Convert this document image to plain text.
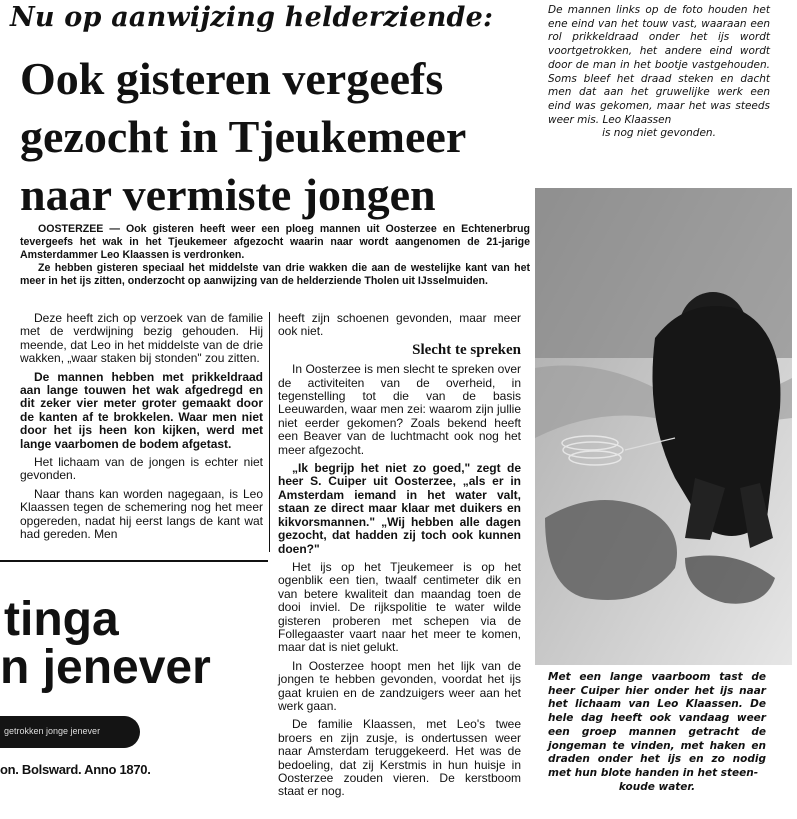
Nu op aanwijzing helderziende:
Ook gisteren vergeefs
gezocht in Tjeukemeer
naar vermiste jongen

OOSTERZEE — Ook gisteren heeft weer een ploeg mannen uit Oosterzee en Echtenerbrug tevergeefs het wak in het Tjeukemeer afgezocht waarin naar wordt aangenomen de 21-jarige Amsterdammer Leo Klaassen is verdronken.

Ze hebben gisteren speciaal het middelste van drie wakken die aan de westelijke kant van het meer in het ijs zitten, onderzocht op aanwijzing van de helderziende Tholen uit IJsselmuiden.

Deze heeft zich op verzoek van de familie met de verdwijning bezig gehouden. Hij meende, dat Leo in het middelste van de drie wakken, „waar staken bij stonden" zou zitten.

De mannen hebben met prikkeldraad aan lange touwen het wak afgedregd en dit zeker vier meter groter gemaakt door de kanten af te brokkelen. Waar men niet door het ijs heen kon kijken, werd met lange vaarbomen de bodem afgetast.

Het lichaam van de jongen is echter niet gevonden.

Naar thans kan worden nagegaan, is Leo Klaassen tegen de schemering nog het meer opgereden, nadat hij eerst langs de kant wat had gereden. Men

heeft zijn schoenen gevonden, maar meer ook niet.

Slecht te spreken

In Oosterzee is men slecht te spreken over de activiteiten van de overheid, in tegenstelling tot die van de basis Leeuwarden, waar men zei: waarom zijn jullie niet eerder gekomen? Zoals bekend heeft een Beaver van de luchtmacht ook nog het meer afgezocht.

„Ik begrijp het niet zo goed," zegt de heer S. Cuiper uit Oosterzee, „als er in Amsterdam iemand in het water valt, staan ze direct maar klaar met duikers en kikvorsmannen." „Wij hebben alle dagen gezocht, dat hadden zij toch ook kunnen doen?"

Het ijs op het Tjeukemeer is op het ogenblik een tien, twaalf centimeter dik en van betere kwaliteit dan maandag toen de dooi inviel. De rijkspolitie te water wilde gisteren proberen met schepen via de Follegaaster vaart naar het meer te komen, maar dat is niet gelukt.

In Oosterzee hoopt men het lijk van de jongen te hebben gevonden, voordat het ijs gaat kruien en de zandzuigers weer aan het werk gaan.

De familie Klaassen, met Leo's twee broers en zijn zusje, is ondertussen weer naar Amsterdam teruggekeerd. Het was de bedoeling, dat zij Kerstmis in hun huisje in Oosterzee zouden vieren. De kerstboom staat er nog.

De mannen links op de foto houden het ene eind van het touw vast, waaraan een rol prikkeldraad onder het ijs wordt voortgetrokken, het andere eind wordt door de man in het bootje vastgehouden. Soms bleef het draad steken en dacht men dat aan het gruwelijke werk een eind was gekomen, maar het was steeds weer mis. Leo Klaassen

is nog niet gevonden.

Met een lange vaarboom tast de heer Cuiper hier onder het ijs naar het lichaam van Leo Klaassen. De hele dag heeft ook vandaag weer een groep mannen getracht de jongeman te vinden, met haken en draden onder het ijs en zo nodig met hun blote handen in het steen-

koude water.

tinga
n jenever
getrokken jonge jenever
on. Bolsward. Anno 1870.
